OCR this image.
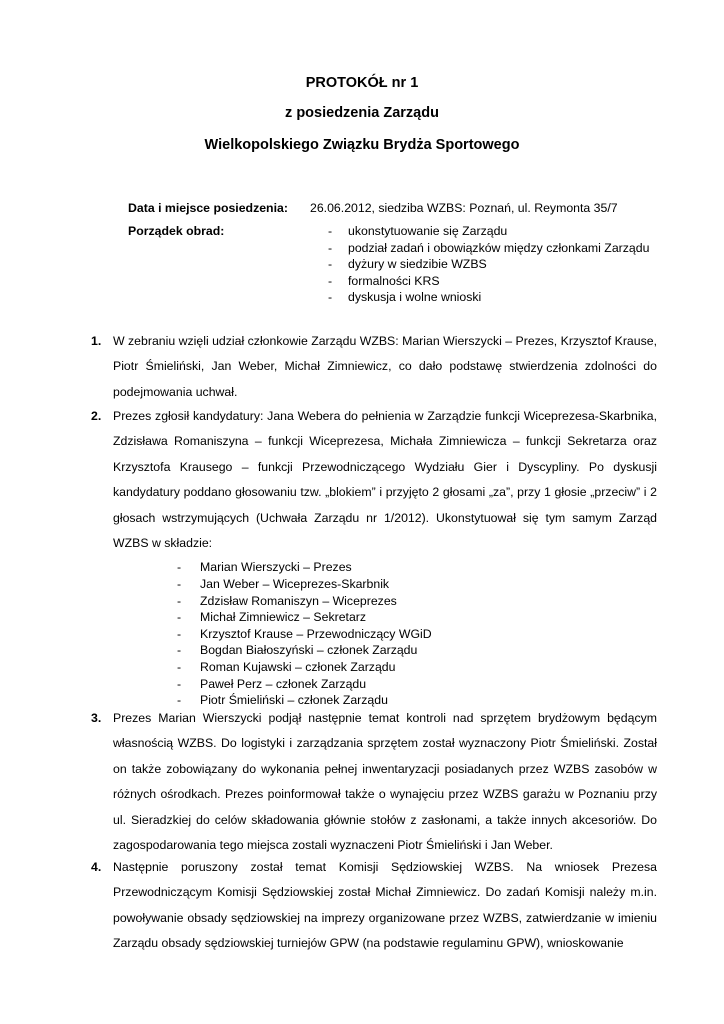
PROTOKÓŁ nr 1
z posiedzenia Zarządu
Wielkopolskiego Związku Brydża Sportowego
Data i miejsce posiedzenia: 26.06.2012, siedziba WZBS: Poznań, ul. Reymonta 35/7
Porządek obrad:	- ukonstytuowanie się Zarządu
- podział zadań i obowiązków między członkami Zarządu
- dyżury w siedzibie WZBS
- formalności KRS
- dyskusja i wolne wnioski
1. W zebraniu wzięli udział członkowie Zarządu WZBS: Marian Wierszycki – Prezes, Krzysztof Krause, Piotr Śmieliński, Jan Weber, Michał Zimniewicz, co dało podstawę stwierdzenia zdolności do podejmowania uchwał.
2. Prezes zgłosił kandydatury: Jana Webera do pełnienia w Zarządzie funkcji Wiceprezesa-Skarbnika, Zdzisława Romaniszyna – funkcji Wiceprezesa, Michała Zimniewicza – funkcji Sekretarza oraz Krzysztofa Krausego – funkcji Przewodniczącego Wydziału Gier i Dyscypliny. Po dyskusji kandydatury poddano głosowaniu tzw. „blokiem” i przyjęto 2 głosami „za”, przy 1 głosie „przeciw” i 2 głosach wstrzymujących (Uchwała Zarządu nr 1/2012). Ukonstytuował się tym samym Zarząd WZBS w składzie:
- Marian Wierszycki – Prezes
- Jan Weber – Wiceprezes-Skarbnik
- Zdzisław Romaniszyn – Wiceprezes
- Michał Zimniewicz – Sekretarz
- Krzysztof Krause – Przewodniczący WGiD
- Bogdan Białoszyński – członek Zarządu
- Roman Kujawski – członek Zarządu
- Paweł Perz – członek Zarządu
- Piotr Śmieliński – członek Zarządu
3. Prezes Marian Wierszycki podjął następnie temat kontroli nad sprzętem brydżowym będącym własnością WZBS. Do logistyki i zarządzania sprzętem został wyznaczony Piotr Śmieliński. Został on także zobowiązany do wykonania pełnej inwentaryzacji posiadanych przez WZBS zasobów w różnych ośrodkach. Prezes poinformował także o wynajęciu przez WZBS garażu w Poznaniu przy ul. Sieradzkiej do celów składowania głównie stołów z zasłonami, a także innych akcesoriów. Do zagospodarowania tego miejsca zostali wyznaczeni Piotr Śmieliński i Jan Weber.
4. Następnie poruszony został temat Komisji Sędziowskiej WZBS. Na wniosek Prezesa Przewodniczącym Komisji Sędziowskiej został Michał Zimniewicz. Do zadań Komisji należy m.in. powoływanie obsady sędziowskiej na imprezy organizowane przez WZBS, zatwierdzanie w imieniu Zarządu obsady sędziowskiej turniejów GPW (na podstawie regulaminu GPW), wnioskowanie
